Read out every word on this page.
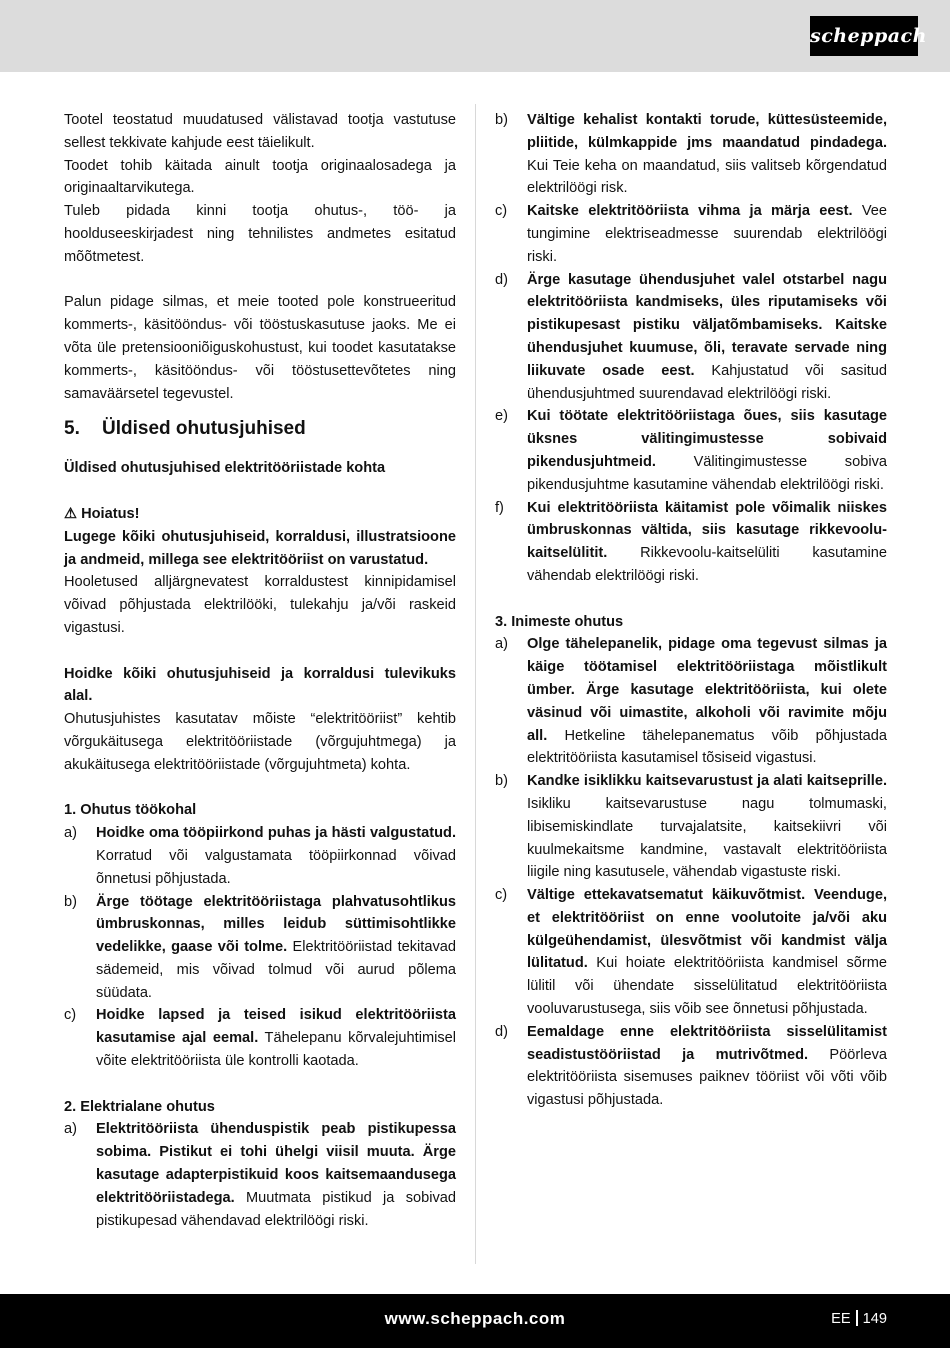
scheppach

Tootel teostatud muudatused välistavad tootja vastutuse sellest tekkivate kahjude eest täielikult.

Toodet tohib käitada ainult tootja originaalosadega ja originaaltarvikutega.

Tuleb pidada kinni tootja ohutus-, töö- ja hoolduseeskirjadest ning tehnilistes andmetes esitatud mõõtmetest.

Palun pidage silmas, et meie tooted pole konstrueeritud kommerts-, käsitööndus- või tööstuskasutuse jaoks. Me ei võta üle pretensiooniõiguskohustust, kui toodet kasutatakse kommerts-, käsitööndus- või tööstusettevõtetes ning samaväärsetel tegevustel.

5. Üldised ohutusjuhised

Üldised ohutusjuhised elektritööriistade kohta

⚠ Hoiatus!

Lugege kõiki ohutusjuhiseid, korraldusi, illustratsioone ja andmeid, millega see elektritööriist on varustatud.

Hooletused alljärgnevatest korraldustest kinnipidamisel võivad põhjustada elektrilööki, tulekahju ja/või raskeid vigastusi.

Hoidke kõiki ohutusjuhiseid ja korraldusi tulevikuks alal.

Ohutusjuhistes kasutatav mõiste “elektritööriist” kehtib võrgukäitusega elektritööriistade (võrgujuhtmega) ja akukäitusega elektritööriistade (võrgujuhtmeta) kohta.

1. Ohutus töökohal

a) Hoidke oma tööpiirkond puhas ja hästi valgustatud. Korratud või valgustamata tööpiirkonnad võivad õnnetusi põhjustada.
b) Ärge töötage elektritööriistaga plahvatusohtlikus ümbruskonnas, milles leidub süttimisohtlikke vedelikke, gaase või tolme. Elektritööriistad tekitavad sädemeid, mis võivad tolmud või aurud põlema süüdata.
c) Hoidke lapsed ja teised isikud elektritööriista kasutamise ajal eemal. Tähelepanu kõrvalejuhtimisel võite elektritööriista üle kontrolli kaotada.

2. Elektrialane ohutus

a) Elektritööriista ühenduspistik peab pistikupessa sobima. Pistikut ei tohi ühelgi viisil muuta. Ärge kasutage adapterpistikuid koos kaitsemaandusega elektritööriistadega. Muutmata pistikud ja sobivad pistikupesad vähendavad elektrilöögi riski.
b) Vältige kehalist kontakti torude, küttesüsteemide, pliitide, külmkappide jms maandatud pindadega. Kui Teie keha on maandatud, siis valitseb kõrgendatud elektrilöögi risk.
c) Kaitske elektritööriista vihma ja märja eest. Vee tungimine elektriseadmesse suurendab elektrilöögi riski.
d) Ärge kasutage ühendusjuhet valel otstarbel nagu elektritööriista kandmiseks, üles riputamiseks või pistikupesast pistiku väljatõmbamiseks. Kaitske ühendusjuhet kuumuse, õli, teravate servade ning liikuvate osade eest. Kahjustatud või sasitud ühendusjuhtmed suurendavad elektrilöögi riski.
e) Kui töötate elektritööriistaga õues, siis kasutage üksnes välitingimustesse sobivaid pikendusjuhtmeid.	Välitingimustesse sobiva pikendusjuhtme kasutamine vähendab elektrilöögi riski.
f) Kui elektritööriista käitamist pole võimalik niiskes ümbruskonnas vältida, siis kasutage rikkevoolu-kaitselülitit. Rikkevoolu-kaitselüliti kasutamine vähendab elektrilöögi riski.

3. Inimeste ohutus

a) Olge tähelepanelik, pidage oma tegevust silmas ja käige töötamisel elektritööriistaga mõistlikult ümber. Ärge kasutage elektritööriista, kui olete väsinud või uimastite, alkoholi või ravimite mõju all. Hetkeline tähelepanematus võib põhjustada elektritööriista kasutamisel tõsiseid vigastusi.
b) Kandke isiklikku kaitsevarustust ja alati kaitseprille. Isikliku kaitsevarustuse nagu tolmumaski, libisemiskindlate turvajalatsite, kaitsekiivri või kuulmekaitsme kandmine, vastavalt elektritööriista liigile ning kasutusele, vähendab vigastuste riski.
c) Vältige ettekavatsematut käikuvõtmist. Veenduge, et elektritööriist on enne voolutoite ja/või aku külgeühendamist, ülesvõtmist või kandmist välja lülitatud. Kui hoiate elektritööriista kandmisel sõrme lülitil või ühendate sisselülitatud elektritööriista vooluvarustusega, siis võib see õnnetusi põhjustada.
d) Eemaldage enne elektritööriista sisselülitamist seadistustööriistad ja mutrivõtmed. Pöörleva elektritööriista sisemuses paiknev tööriist või võti võib vigastusi põhjustada.
www.scheppach.com	EE 149
